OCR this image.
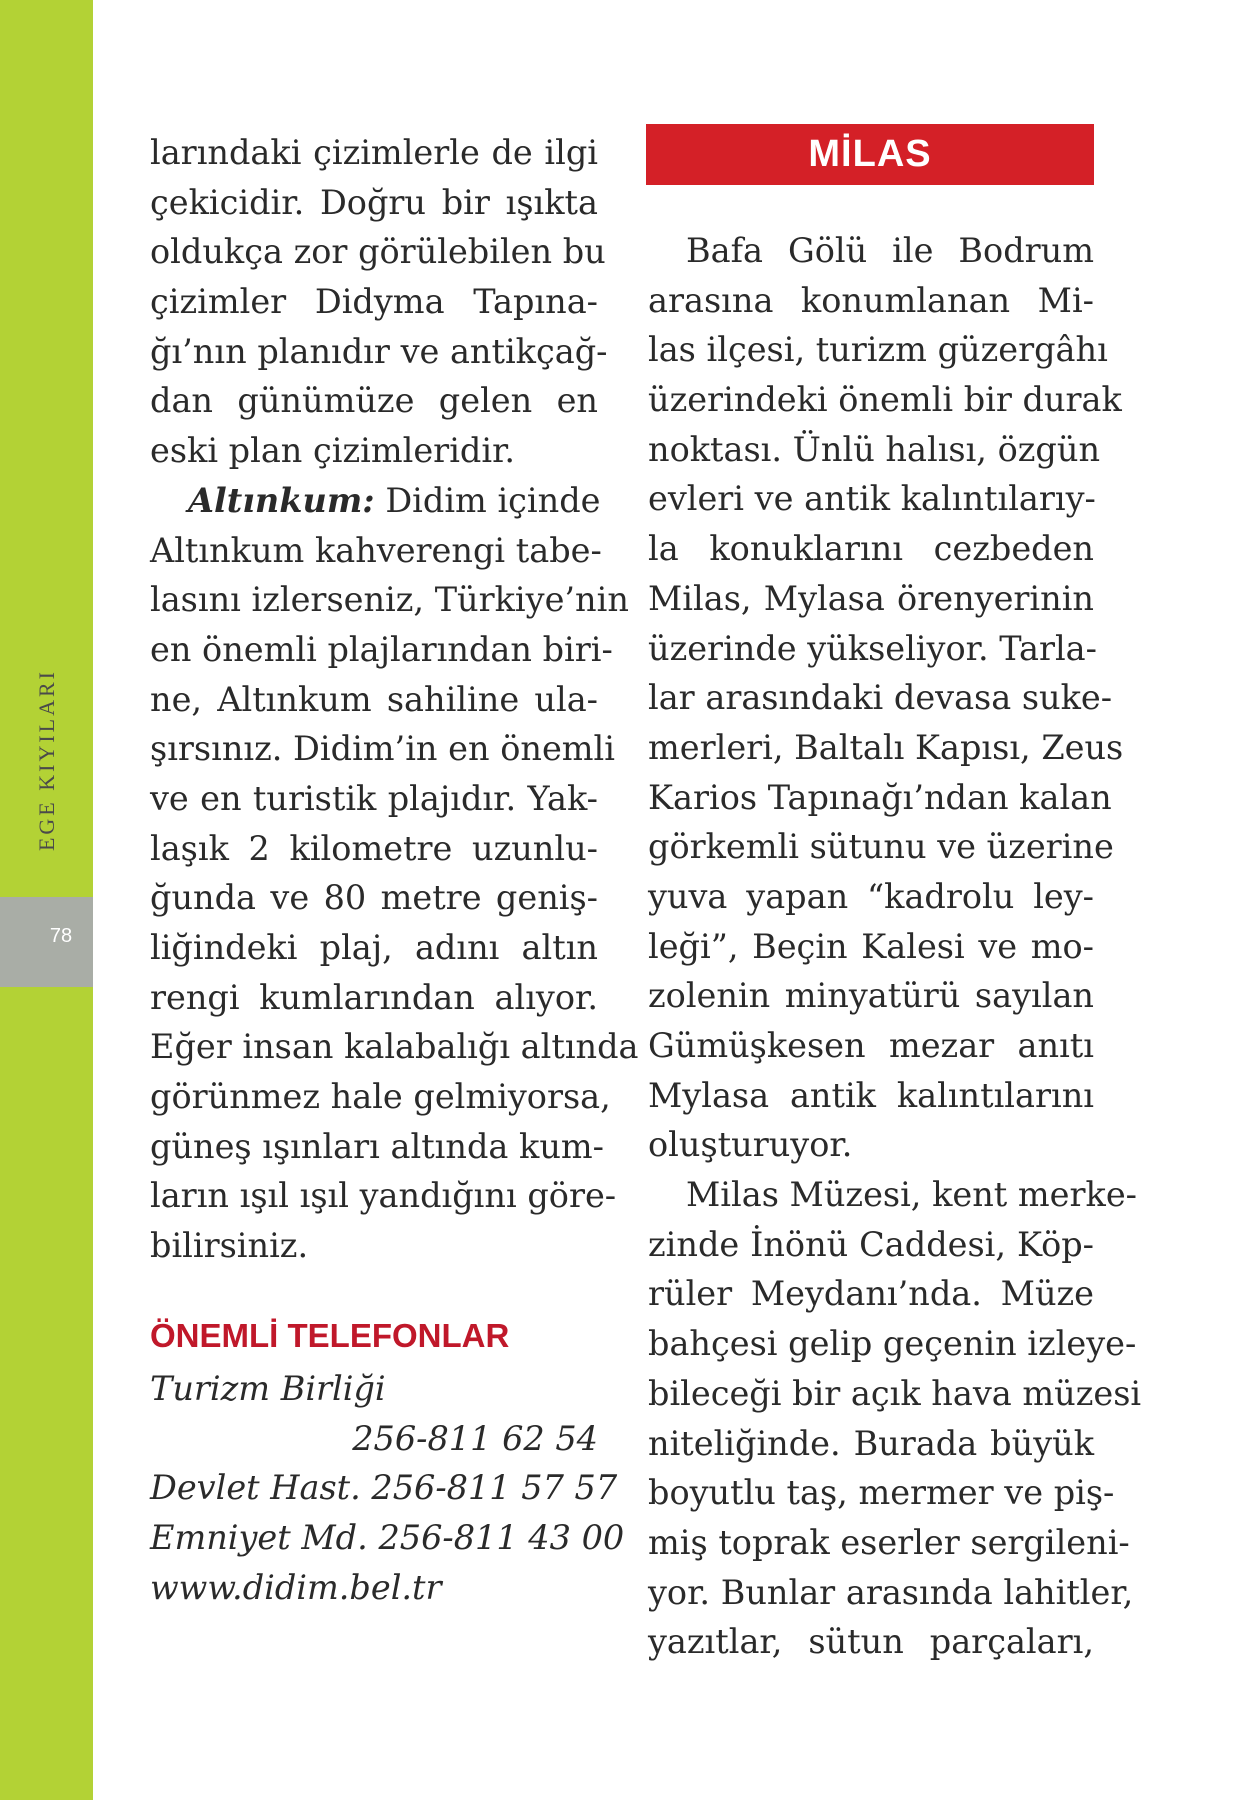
EGE KIYILARI
78
larındaki çizimlerle de ilgi
çekicidir. Doğru bir ışıkta
oldukça zor görülebilen bu
çizimler Didyma Tapına-
ğı’nın planıdır ve antikçağ-
dan günümüze gelen en
eski plan çizimleridir.
Altınkum: Didim içinde
Altınkum kahverengi tabe-
lasını izlerseniz, Türkiye’nin
en önemli plajlarından biri-
ne, Altınkum sahiline ula-
şırsınız. Didim’in en önemli
ve en turistik plajıdır. Yak-
laşık 2 kilometre uzunlu-
ğunda ve 80 metre geniş-
liğindeki plaj, adını altın
rengi kumlarından alıyor.
Eğer insan kalabalığı altında
görünmez hale gelmiyorsa,
güneş ışınları altında kum-
ların ışıl ışıl yandığını göre-
bilirsiniz.
ÖNEMLİ TELEFONLAR
Turizm Birliği
256-811 62 54
Devlet Hast. 256-811 57 57
Emniyet Md. 256-811 43 00
www.didim.bel.tr
MİLAS
Bafa Gölü ile Bodrum
arasına konumlanan Mi-
las ilçesi, turizm güzergâhı
üzerindeki önemli bir durak
noktası. Ünlü halısı, özgün
evleri ve antik kalıntılarıy-
la konuklarını cezbeden
Milas, Mylasa örenyerinin
üzerinde yükseliyor. Tarla-
lar arasındaki devasa suke-
merleri, Baltalı Kapısı, Zeus
Karios Tapınağı’ndan kalan
görkemli sütunu ve üzerine
yuva yapan “kadrolu ley-
leği”, Beçin Kalesi ve mo-
zolenin minyatürü sayılan
Gümüşkesen mezar anıtı
Mylasa antik kalıntılarını
oluşturuyor.
Milas Müzesi, kent merke-
zinde İnönü Caddesi, Köp-
rüler Meydanı’nda. Müze
bahçesi gelip geçenin izleye-
bileceği bir açık hava müzesi
niteliğinde. Burada büyük
boyutlu taş, mermer ve piş-
miş toprak eserler sergileni-
yor. Bunlar arasında lahitler,
yazıtlar, sütun parçaları,
